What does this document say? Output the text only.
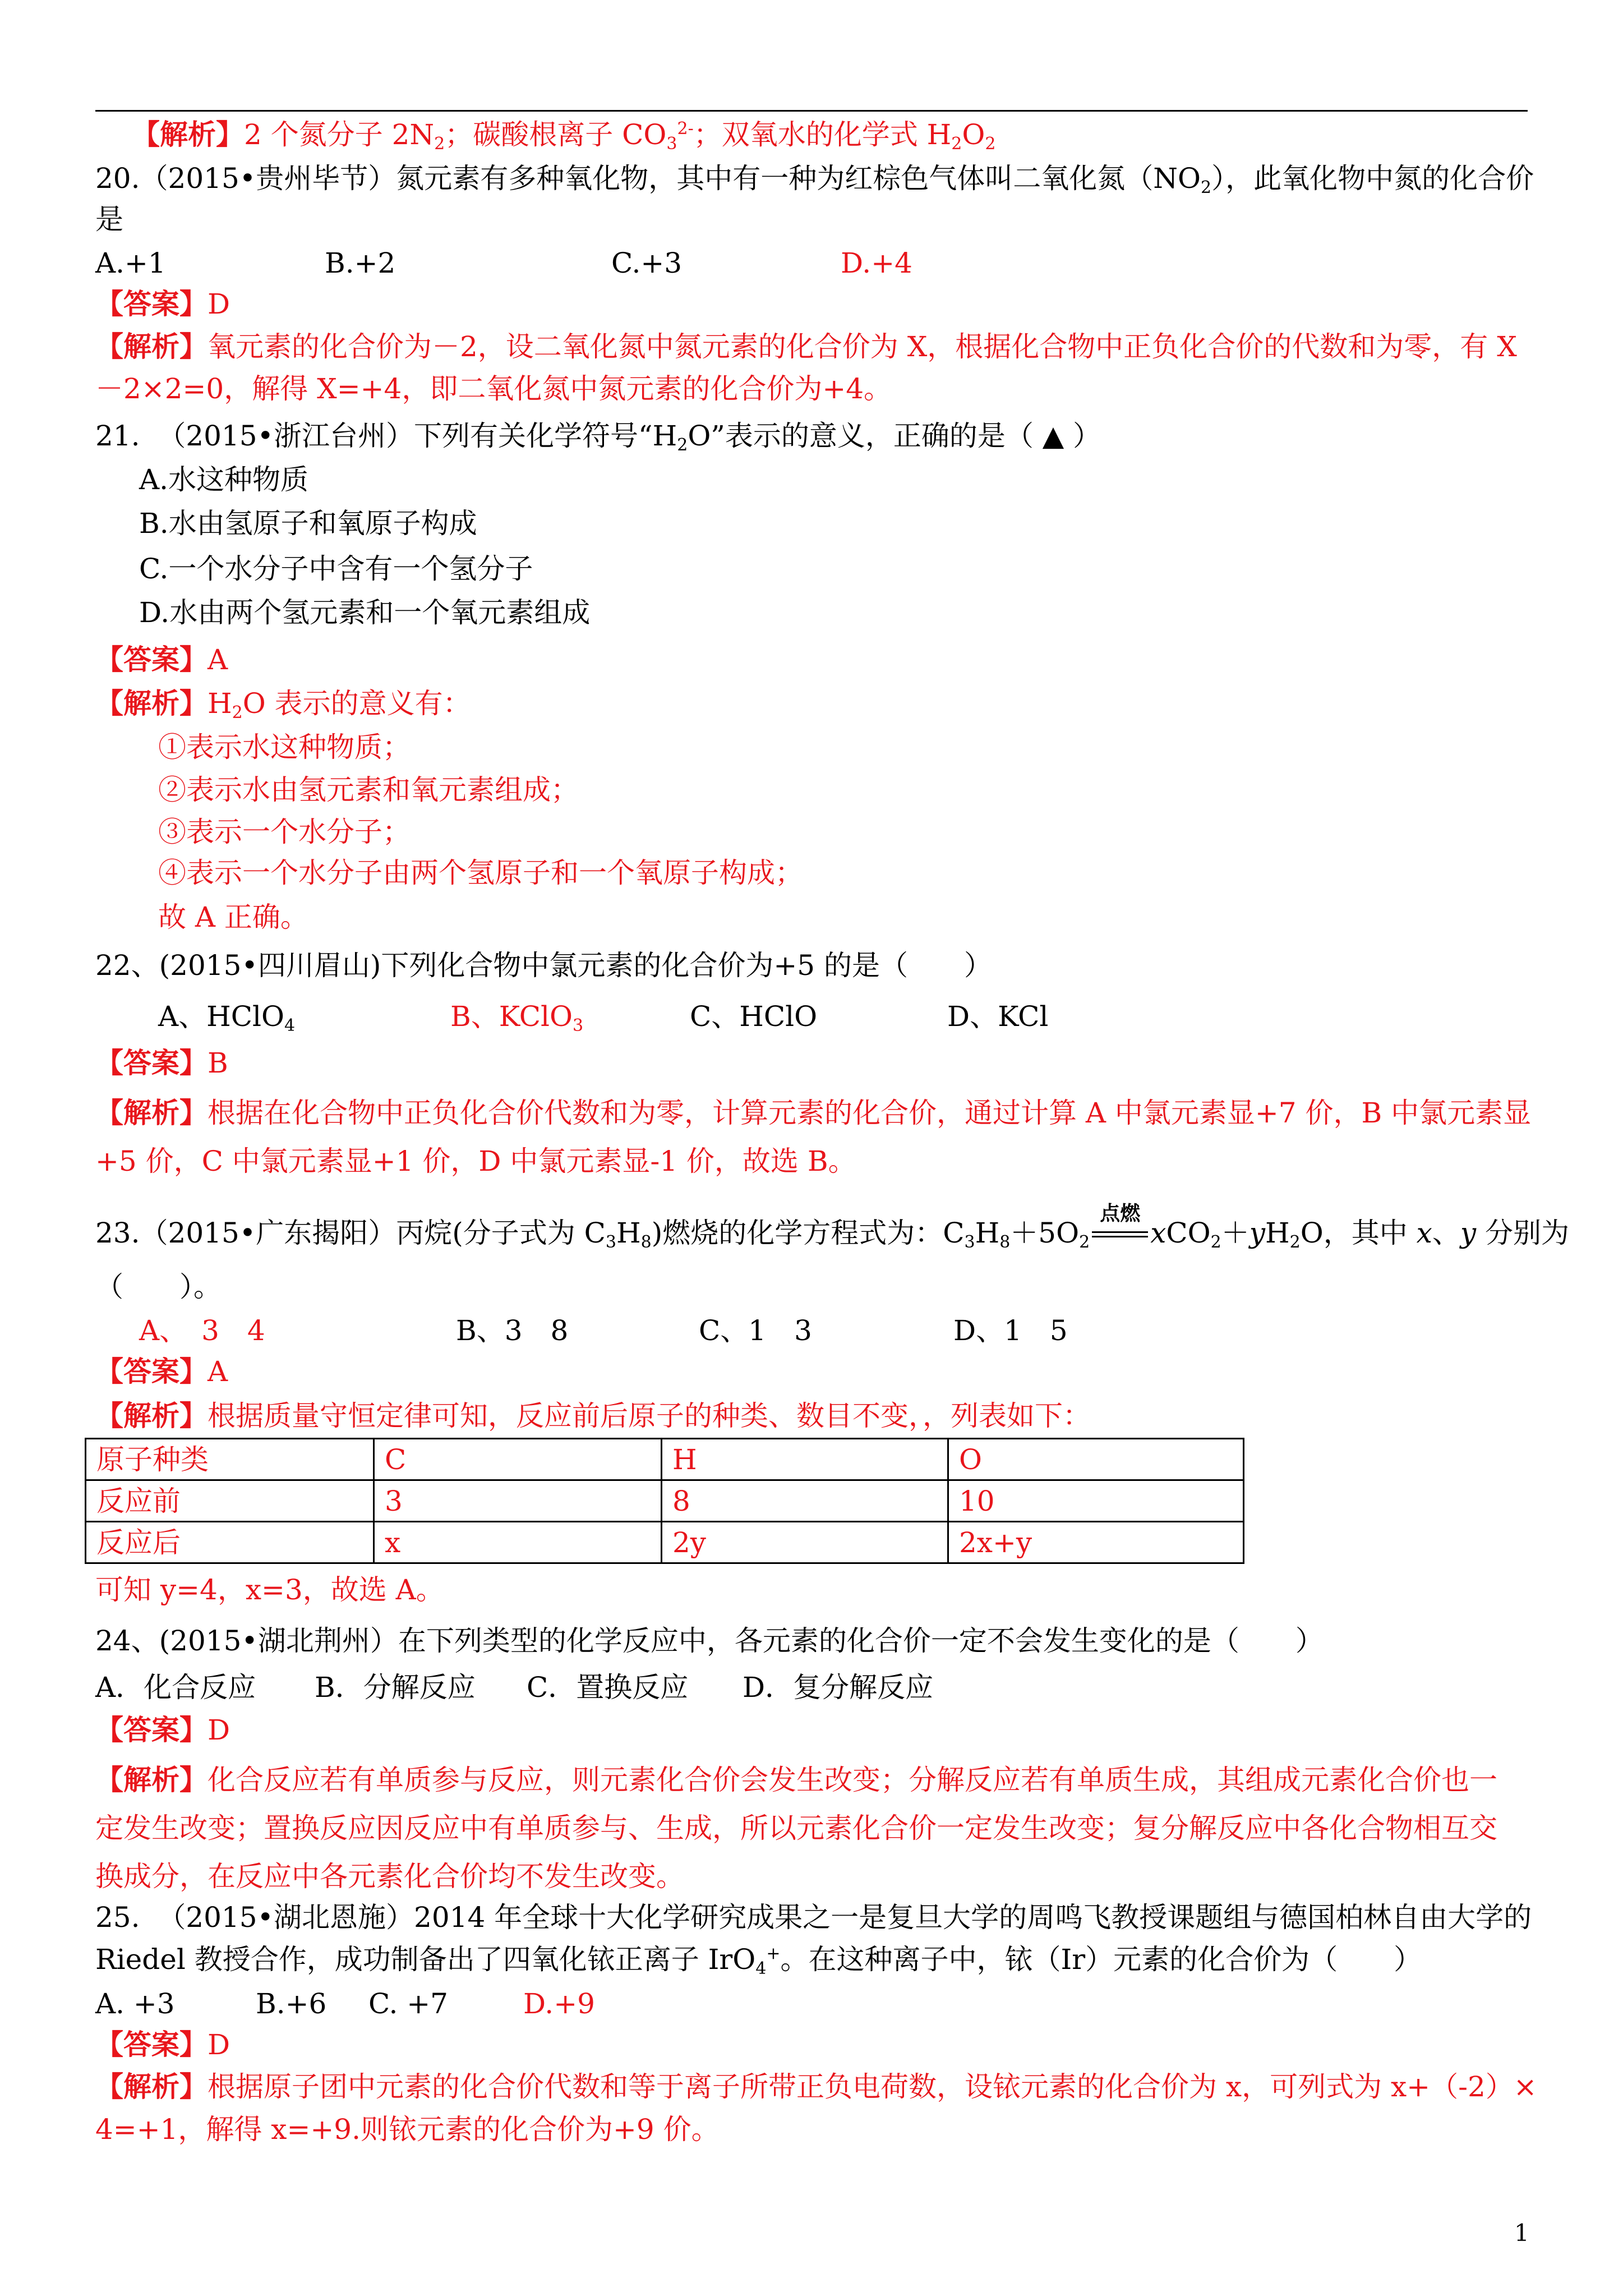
【解析】2 个氮分子 $2N_2$；碳酸根离子 $CO_3^{2-}$；双氧水的化学式 $H_2O_2$
20.（2015•贵州毕节）氮元素有多种氧化物，其中有一种为红棕色气体叫二氧化氮$(NO_2)$，此氧化物中氮的化合价
是
A.+1	B.+2	C.+3	D.+4
【答案】D
【解析】氧元素的化合价为－2，设二氧化氮中氮元素的化合价为 X，根据化合物中正负化合价的代数和为零，有 X
－2×2=0，解得 X=+4，即二氧化氮中氮元素的化合价为+4。
21.  （2015•浙江台州）下列有关化学符号“$H_2O$”表示的意义，正确的是（ ▲ ）
A.水这种物质
B.水由氢原子和氧原子构成
C.一个水分子中含有一个氢分子
D.水由两个氢元素和一个氧元素组成
【答案】A
【解析】$H_2O$ 表示的意义有：
①表示水这种物质；
②表示水由氢元素和氧元素组成；
③表示一个水分子；
④表示一个水分子由两个氢原子和一个氧原子构成；
故 A 正确。
22、(2015•四川眉山)下列化合物中氯元素的化合价为+5 的是（　　）
A、HClO$_4$	B、KClO$_3$	C、HClO	D、KCl
【答案】B
【解析】根据在化合物中正负化合价代数和为零，计算元素的化合价，通过计算 A 中氯元素显+7 价，B 中氯元素显
+5 价，C 中氯元素显+1 价，D 中氯元素显-1 价，故选 B。
23.（2015•广东揭阳）丙烷(分子式为 $C_3H_8$)燃烧的化学方程式为：$C_3H_8+5O_2$
点燃
$xCO_2+yH_2O$，其中 x、y 分别为
（　　）。
A、　3　4	B、3　8	C、1　3	D、1　5
【答案】A
【解析】根据质量守恒定律可知，反应前后原子的种类、数目不变，，列表如下：
原子种类	C	H	O
反应前	3	8	10
反应后	x	2y	2x+y
可知 y=4，x=3，故选 A。
24、(2015•湖北荆州）在下列类型的化学反应中，各元素的化合价一定不会发生变化的是（　　）
A．化合反应 B．分解反应 C．置换反应 D．复分解反应
【答案】D
【解析】化合反应若有单质参与反应，则元素化合价会发生改变；分解反应若有单质生成，其组成元素化合价也一
定发生改变；置换反应因反应中有单质参与、生成，所以元素化合价一定发生改变；复分解反应中各化合物相互交
换成分，在反应中各元素化合价均不发生改变。
25.  （2015•湖北恩施）2014 年全球十大化学研究成果之一是复旦大学的周鸣飞教授课题组与德国柏林自由大学的
Riedel 教授合作，成功制备出了四氧化铱正离子 IrO$_4$+。在这种离子中，铱（Ir）元素的化合价为（　　）
A. +3	B.+6 C. +7	D.+9
【答案】D
【解析】根据原子团中元素的化合价代数和等于离子所带正负电荷数，设铱元素的化合价为 x，可列式为 x+（-2）×
4=+1，解得 x=+9.则铱元素的化合价为+9 价。
1
